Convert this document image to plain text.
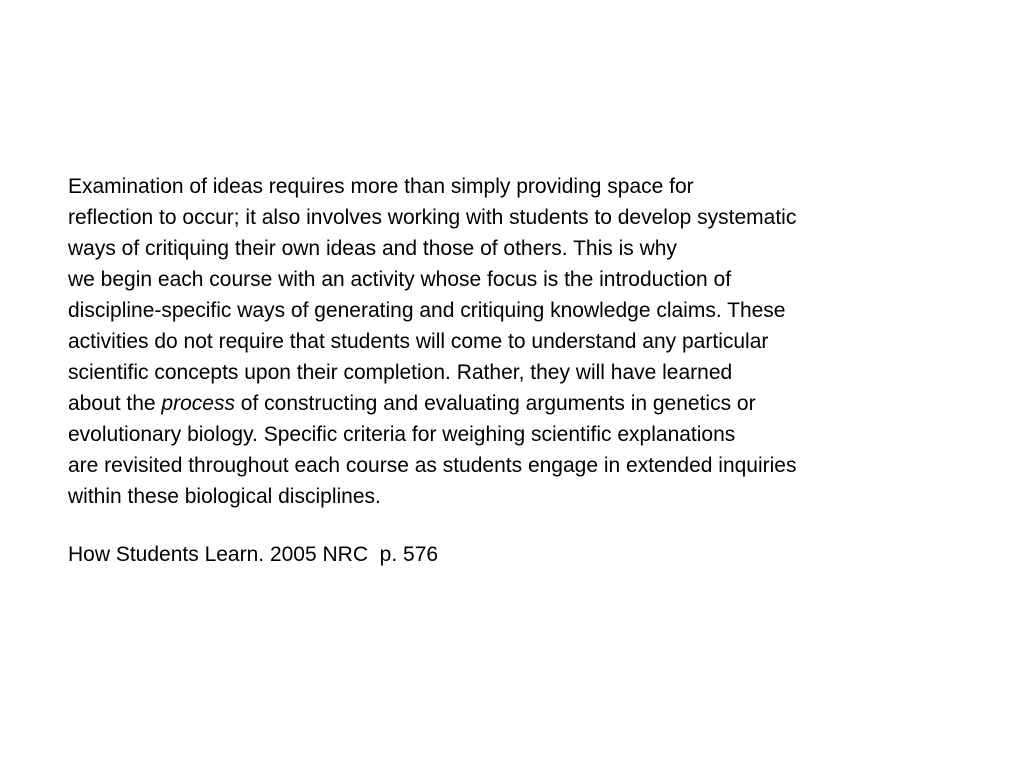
Examination of ideas requires more than simply providing space for
reflection to occur; it also involves working with students to develop systematic
ways of critiquing their own ideas and those of others. This is why
we begin each course with an activity whose focus is the introduction of
discipline-specific ways of generating and critiquing knowledge claims. These
activities do not require that students will come to understand any particular
scientific concepts upon their completion. Rather, they will have learned
about the process of constructing and evaluating arguments in genetics or
evolutionary biology. Specific criteria for weighing scientific explanations
are revisited throughout each course as students engage in extended inquiries
within these biological disciplines.

How Students Learn. 2005 NRC  p. 576
